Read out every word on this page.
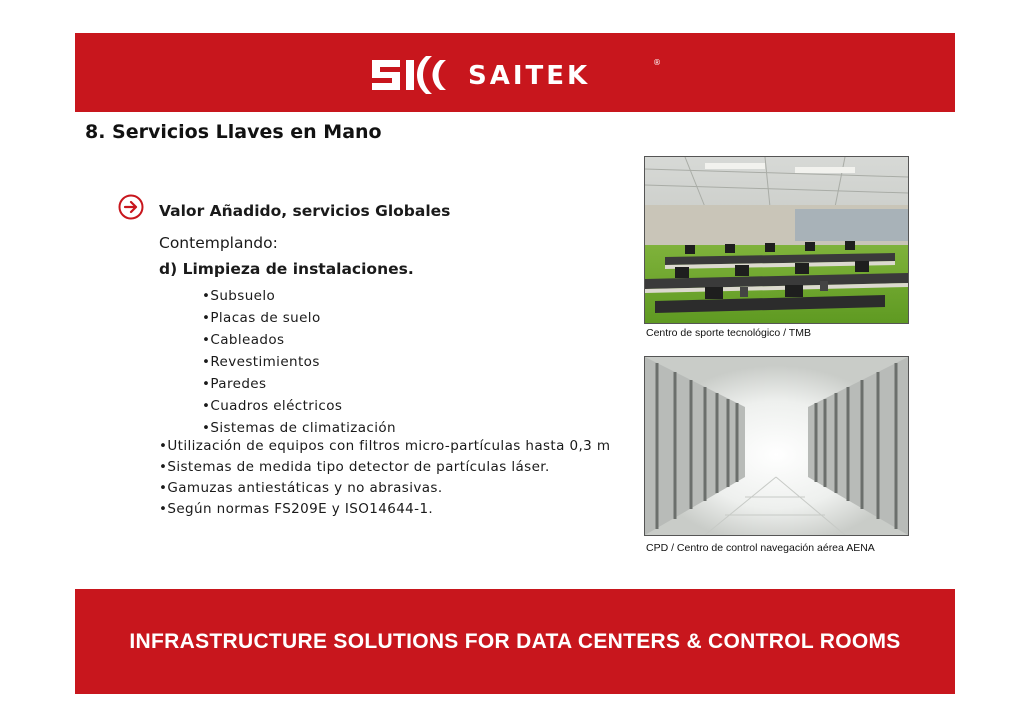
SAITEK	®
8. Servicios Llaves en Mano
Valor Añadido, servicios Globales
Contemplando:
d) Limpieza de instalaciones.
•Subsuelo
•Placas de suelo
•Cableados
•Revestimientos
•Paredes
•Cuadros eléctricos
•Sistemas de climatización
•Utilización de equipos con filtros micro-partículas hasta 0,3 m
•Sistemas de medida tipo detector de partículas láser.
•Gamuzas antiestáticas y no abrasivas.
•Según normas FS209E y ISO14644-1.
Centro de sporte tecnológico / TMB
CPD / Centro de control navegación aérea AENA
INFRASTRUCTURE SOLUTIONS FOR DATA CENTERS & CONTROL ROOMS
